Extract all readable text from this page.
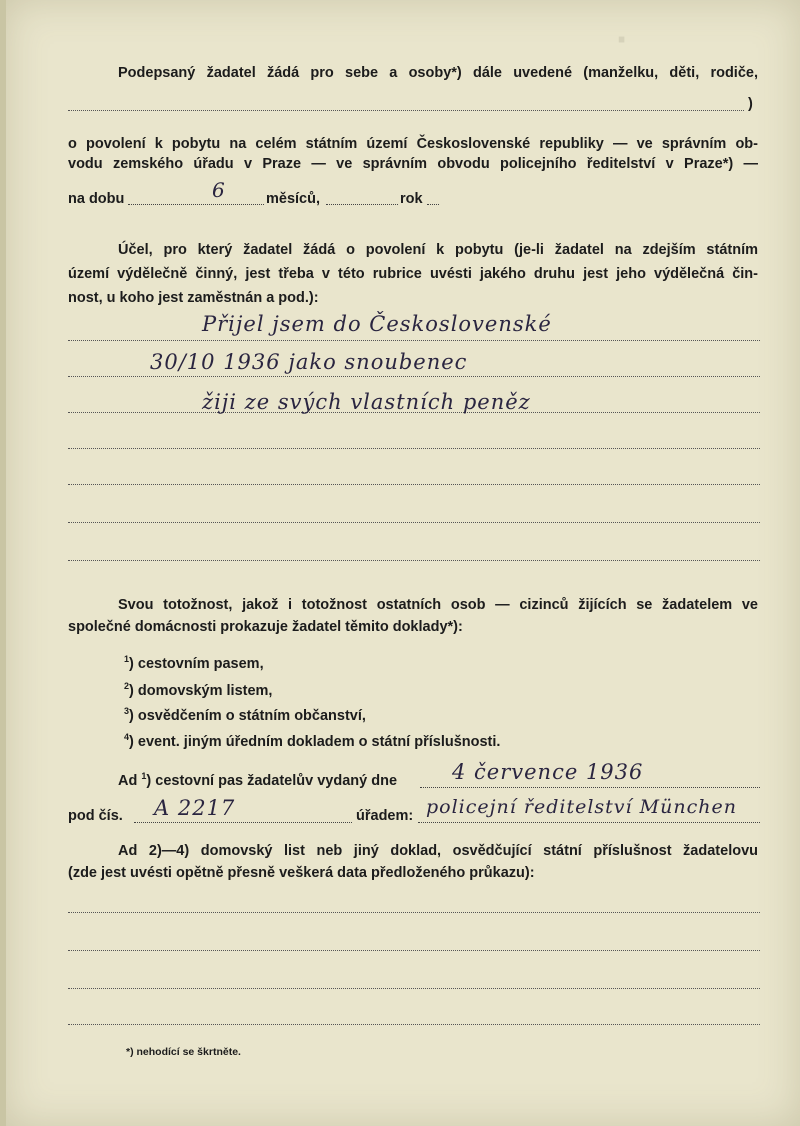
·
Podepsaný žadatel žádá pro sebe a osoby*) dále uvedené (manželku, děti, rodiče,
)
o povolení k pobytu na celém státním území Československé republiky — ve správním ob-
vodu zemského úřadu v Praze — ve správním obvodu policejního ředitelství v Praze*) —
na dobu	6	měsíců,	rok
Účel, pro který žadatel žádá o povolení k pobytu (je-li žadatel na zdejším státním
území výdělečně činný, jest třeba v této rubrice uvésti jakého druhu jest jeho výdělečná čin-
nost, u koho jest zaměstnán a pod.):
Přijel jsem do Československé
30/10 1936 jako snoubenec
žiji ze svých vlastních peněz
Svou totožnost, jakož i totožnost ostatních osob — cizinců žijících se žadatelem ve
společné domácnosti prokazuje žadatel těmito doklady*):
$^1$) cestovním pasem,
$^2$) domovským listem,
$^3$) osvědčením o státním občanství,
$^4$) event. jiným úředním dokladem o státní příslušnosti.
Ad $^1$) cestovní pas žadatelův vydaný dne	4 července 1936
pod čís. A 2217	úřadem: policejní ředitelství München
Ad 2)—4) domovský list neb jiný doklad, osvědčující státní příslušnost žadatelovu
(zde jest uvésti opětně přesně veškerá data předloženého průkazu):
*) nehodící se škrtněte.
